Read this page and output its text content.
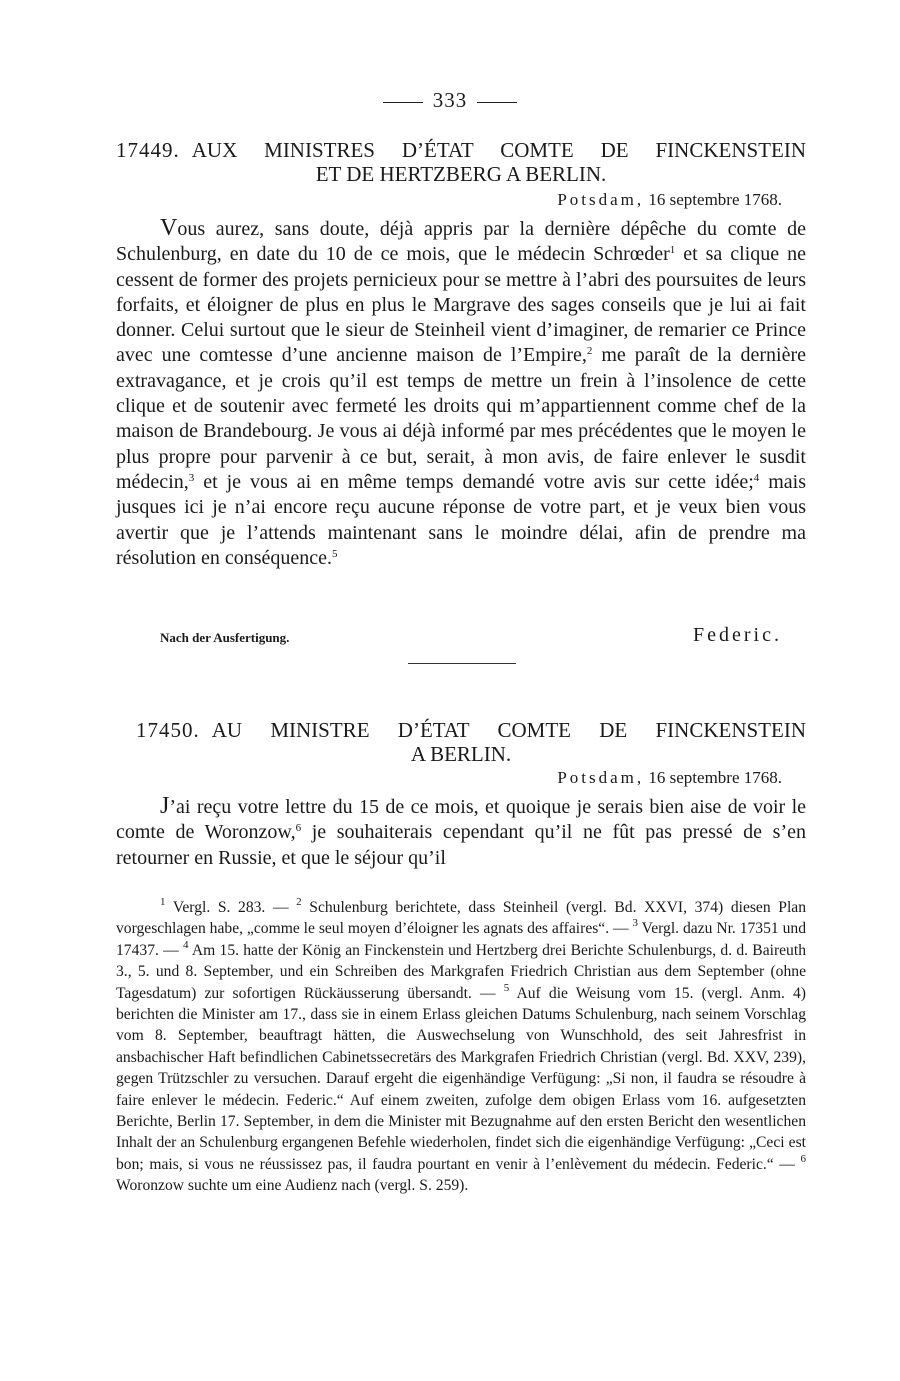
333
17449. AUX MINISTRES D’ÉTAT COMTE DE FINCKENSTEIN
ET DE HERTZBERG A BERLIN.
Potsdam, 16 septembre 1768.

Vous aurez, sans doute, déjà appris par la dernière dépêche du comte de Schulenburg, en date du 10 de ce mois, que le médecin Schrœder$^1$ et sa clique ne cessent de former des projets pernicieux pour se mettre à l’abri des poursuites de leurs forfaits, et éloigner de plus en plus le Margrave des sages conseils que je lui ai fait donner. Celui surtout que le sieur de Steinheil vient d’imaginer, de remarier ce Prince avec une comtesse d’une ancienne maison de l’Empire,$^2$ me paraît de la dernière extravagance, et je crois qu’il est temps de mettre un frein à l’insolence de cette clique et de soutenir avec fermeté les droits qui m’appartiennent comme chef de la maison de Brandebourg. Je vous ai déjà informé par mes précédentes que le moyen le plus propre pour parvenir à ce but, serait, à mon avis, de faire enlever le susdit médecin,$^3$ et je vous ai en même temps demandé votre avis sur cette idée;$^4$ mais jusques ici je n’ai encore reçu aucune réponse de votre part, et je veux bien vous avertir que je l’attends maintenant sans le moindre délai, afin de prendre ma résolution en conséquence.$^5$

Nach der Ausfertigung.	Federic.
17450. AU MINISTRE D’ÉTAT COMTE DE FINCKENSTEIN
A BERLIN.
Potsdam, 16 septembre 1768.

J’ai reçu votre lettre du 15 de ce mois, et quoique je serais bien aise de voir le comte de Woronzow,$^6$ je souhaiterais cependant qu’il ne fût pas pressé de s’en retourner en Russie, et que le séjour qu’il

$^1$ Vergl. S. 283. — $^2$ Schulenburg berichtete, dass Steinheil (vergl. Bd. XXVI, 374) diesen Plan vorgeschlagen habe, „comme le seul moyen d’éloigner les agnats des affaires“. — $^3$ Vergl. dazu Nr. 17351 und 17437. — $^4$ Am 15. hatte der König an Finckenstein und Hertzberg drei Berichte Schulenburgs, d. d. Baireuth 3., 5. und 8. September, und ein Schreiben des Markgrafen Friedrich Christian aus dem September (ohne Tagesdatum) zur sofortigen Rückäusserung übersandt. — $^5$ Auf die Weisung vom 15. (vergl. Anm. 4) berichten die Minister am 17., dass sie in einem Erlass gleichen Datums Schulenburg, nach seinem Vorschlag vom 8. September, beauftragt hätten, die Auswechselung von Wunschhold, des seit Jahresfrist in ansbachischer Haft befindlichen Cabinetssecretärs des Markgrafen Friedrich Christian (vergl. Bd. XXV, 239), gegen Trützschler zu versuchen. Darauf ergeht die eigenhändige Verfügung: „Si non, il faudra se résoudre à faire enlever le médecin. Federic.“ Auf einem zweiten, zufolge dem obigen Erlass vom 16. aufgesetzten Berichte, Berlin 17. September, in dem die Minister mit Bezugnahme auf den ersten Bericht den wesentlichen Inhalt der an Schulenburg ergangenen Befehle wiederholen, findet sich die eigenhändige Verfügung: „Ceci est bon; mais, si vous ne réussissez pas, il faudra pourtant en venir à l’enlèvement du médecin. Federic.“ — $^6$ Woronzow suchte um eine Audienz nach (vergl. S. 259).
